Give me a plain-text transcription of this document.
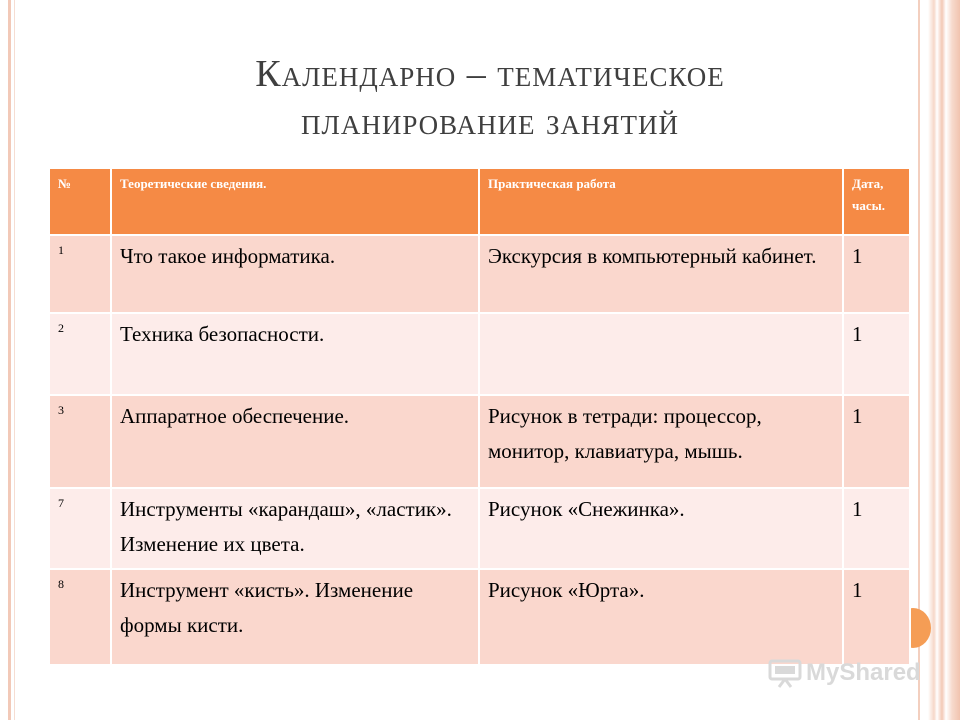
Календарно – тематическое
планирование занятий
№	Теоретические сведения.	Практическая работа	Дата, часы.
1	Что такое информатика.	Экскурсия в компьютерный кабинет.	1
2	Техника безопасности.		1
3	Аппаратное обеспечение.	Рисунок в тетради: процессор, монитор, клавиатура, мышь.	1
7	Инструменты «карандаш», «ластик». Изменение их цвета.	Рисунок «Снежинка».	1
8	Инструмент «кисть». Изменение формы кисти.	Рисунок «Юрта».	1
MyShared
